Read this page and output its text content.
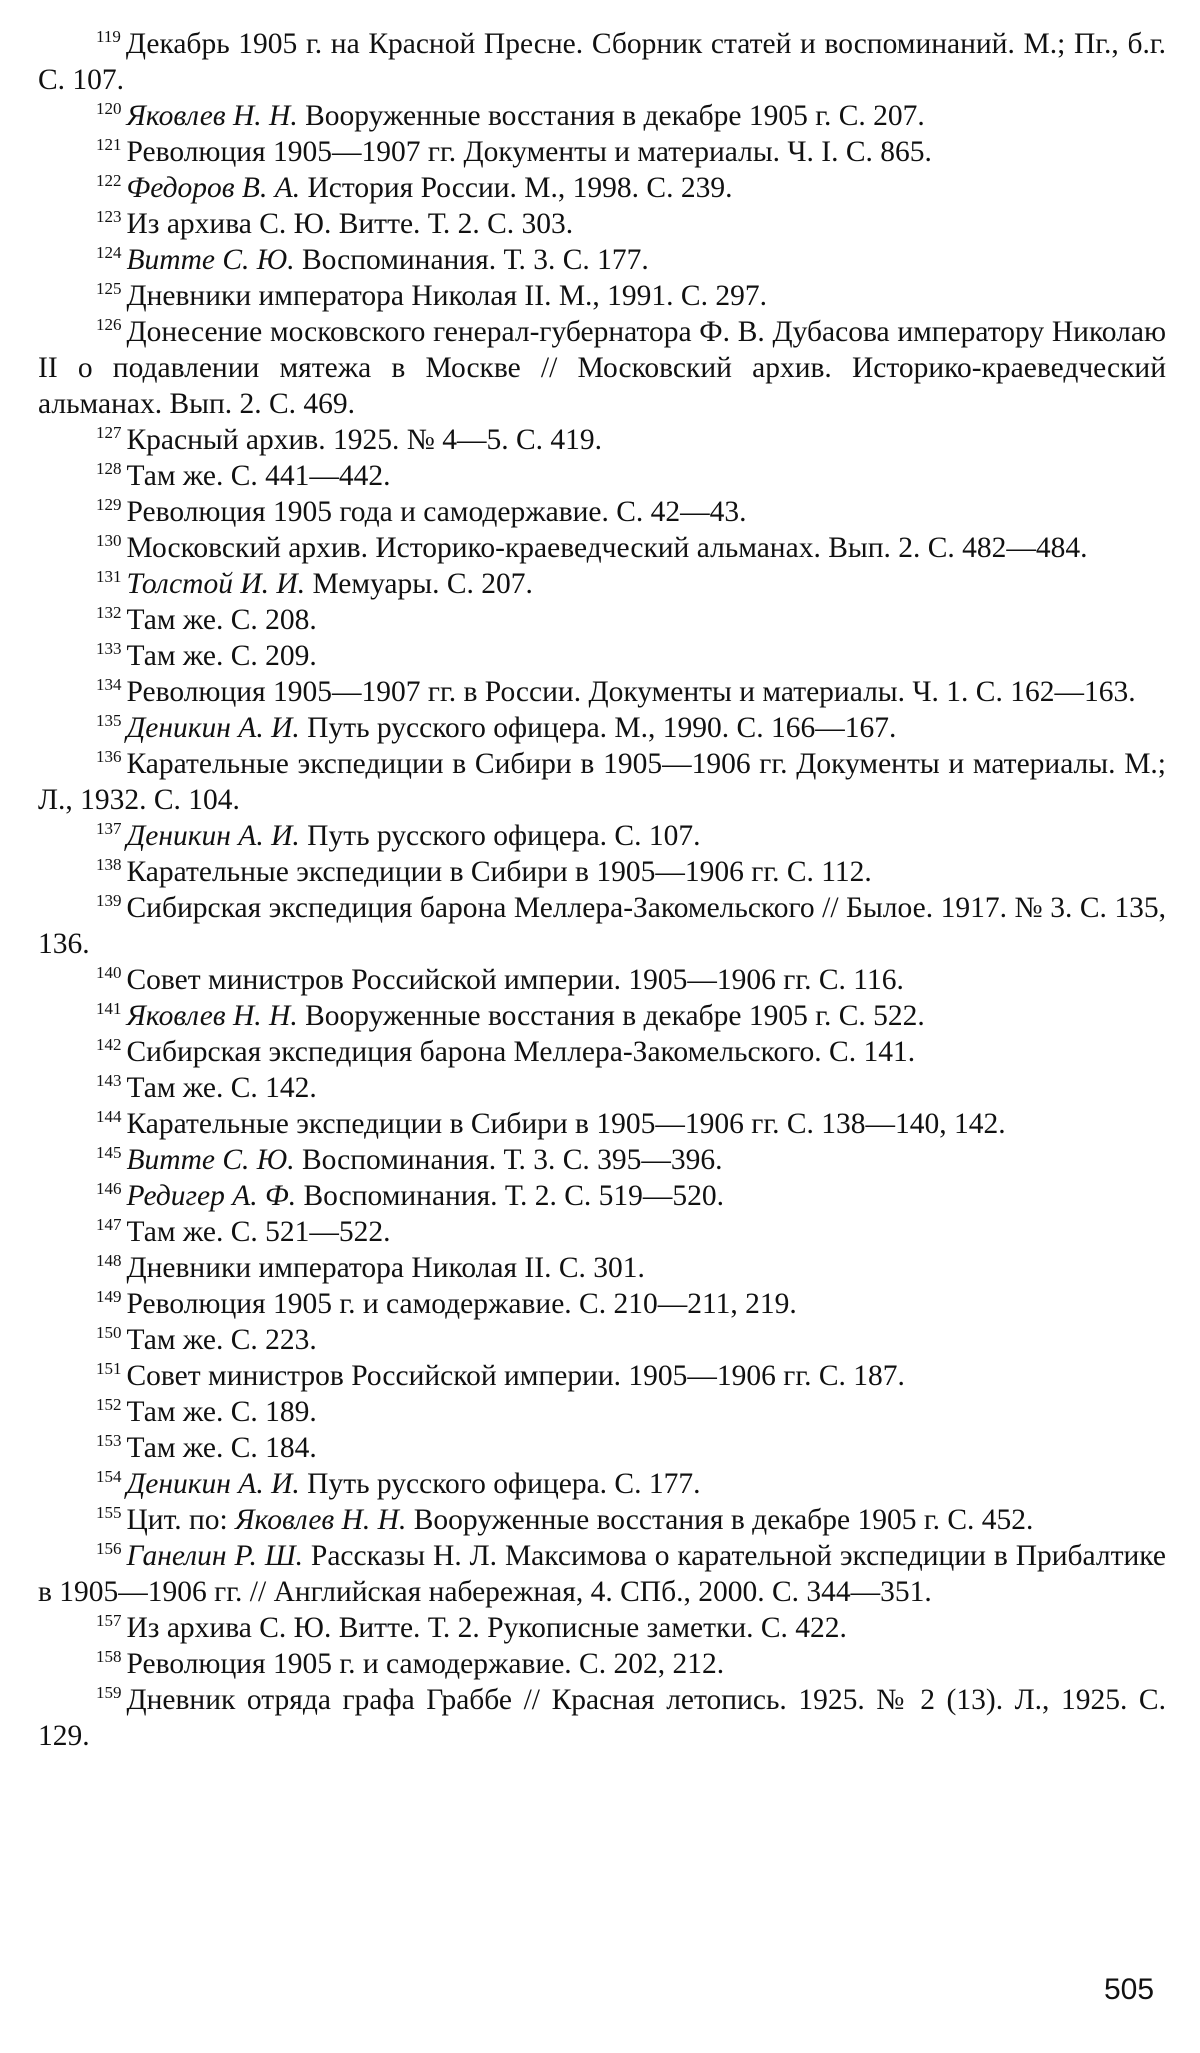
$^{119}$ Декабрь 1905 г. на Красной Пресне. Сборник статей и воспоминаний. М.; Пг., б.г. С. 107.

$^{120}$ Яковлев Н. Н. Вооруженные восстания в декабре 1905 г. С. 207.

$^{121}$ Революция 1905—1907 гг. Документы и материалы. Ч. I. С. 865.

$^{122}$ Федоров В. А. История России. М., 1998. С. 239.

$^{123}$ Из архива С. Ю. Витте. Т. 2. С. 303.

$^{124}$ Витте С. Ю. Воспоминания. Т. 3. С. 177.

$^{125}$ Дневники императора Николая II. М., 1991. С. 297.

$^{126}$ Донесение московского генерал-губернатора Ф. В. Дубасова императору Николаю II о подавлении мятежа в Москве // Московский архив. Историко-краеведческий альманах. Вып. 2. С. 469.

$^{127}$ Красный архив. 1925. № 4—5. С. 419.

$^{128}$ Там же. С. 441—442.

$^{129}$ Революция 1905 года и самодержавие. С. 42—43.

$^{130}$ Московский архив. Историко-краеведческий альманах. Вып. 2. С. 482—484.

$^{131}$ Толстой И. И. Мемуары. С. 207.

$^{132}$ Там же. С. 208.

$^{133}$ Там же. С. 209.

$^{134}$ Революция 1905—1907 гг. в России. Документы и материалы. Ч. 1. С. 162—163.

$^{135}$ Деникин А. И. Путь русского офицера. М., 1990. С. 166—167.

$^{136}$ Карательные экспедиции в Сибири в 1905—1906 гг. Документы и материалы. М.; Л., 1932. С. 104.

$^{137}$ Деникин А. И. Путь русского офицера. С. 107.

$^{138}$ Карательные экспедиции в Сибири в 1905—1906 гг. С. 112.

$^{139}$ Сибирская экспедиция барона Меллера-Закомельского // Былое. 1917. № 3. С. 135, 136.

$^{140}$ Совет министров Российской империи. 1905—1906 гг. С. 116.

$^{141}$ Яковлев Н. Н. Вооруженные восстания в декабре 1905 г. С. 522.

$^{142}$ Сибирская экспедиция барона Меллера-Закомельского. С. 141.

$^{143}$ Там же. С. 142.

$^{144}$ Карательные экспедиции в Сибири в 1905—1906 гг. С. 138—140, 142.

$^{145}$ Витте С. Ю. Воспоминания. Т. 3. С. 395—396.

$^{146}$ Редигер А. Ф. Воспоминания. Т. 2. С. 519—520.

$^{147}$ Там же. С. 521—522.

$^{148}$ Дневники императора Николая II. С. 301.

$^{149}$ Революция 1905 г. и самодержавие. С. 210—211, 219.

$^{150}$ Там же. С. 223.

$^{151}$ Совет министров Российской империи. 1905—1906 гг. С. 187.

$^{152}$ Там же. С. 189.

$^{153}$ Там же. С. 184.

$^{154}$ Деникин А. И. Путь русского офицера. С. 177.

$^{155}$ Цит. по: Яковлев Н. Н. Вооруженные восстания в декабре 1905 г. С. 452.

$^{156}$ Ганелин Р. Ш. Рассказы Н. Л. Максимова о карательной экспедиции в Прибалтике в 1905—1906 гг. // Английская набережная, 4. СПб., 2000. С. 344—351.

$^{157}$ Из архива С. Ю. Витте. Т. 2. Рукописные заметки. С. 422.

$^{158}$ Революция 1905 г. и самодержавие. С. 202, 212.

$^{159}$ Дневник отряда графа Граббе // Красная летопись. 1925. № 2 (13). Л., 1925. С. 129.

505
